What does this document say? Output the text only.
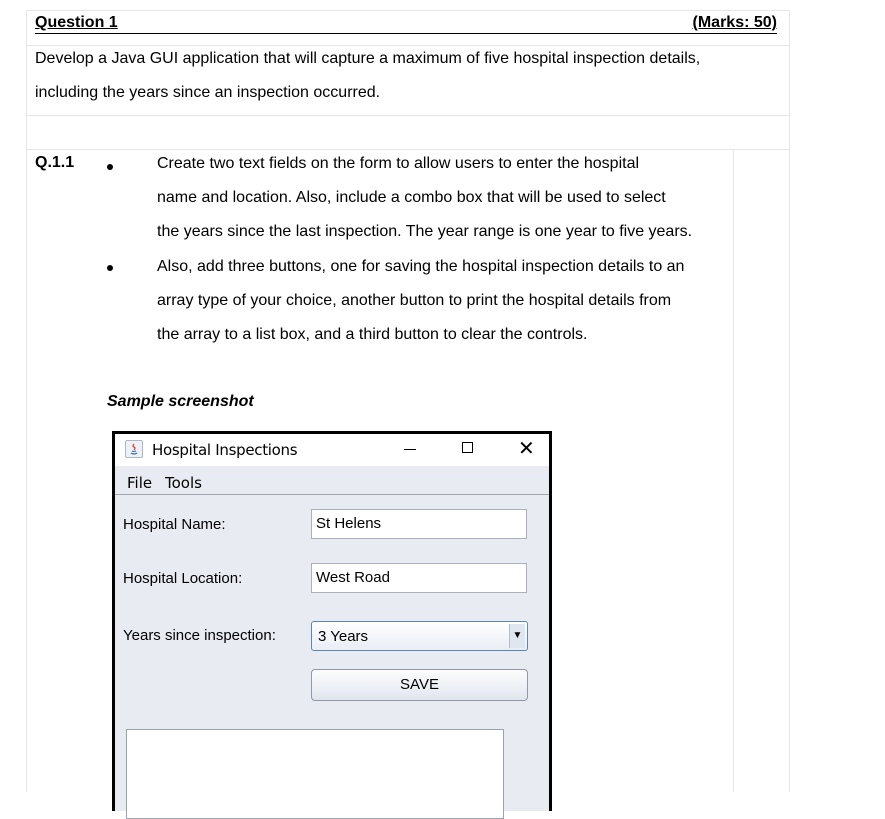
Question 1	(Marks: 50)
Develop a Java GUI application that will capture a maximum of five hospital inspection details,
including the years since an inspection occurred.
Q.1.1	Create two text fields on the form to allow users to enter the hospital
name and location. Also, include a combo box that will be used to select
the years since the last inspection. The year range is one year to five years.
Also, add three buttons, one for saving the hospital inspection details to an
array type of your choice, another button to print the hospital details from
the array to a list box, and a third button to clear the controls.
Sample screenshot
Hospital Inspections	✕
File Tools
Hospital Name:	St Helens
Hospital Location:	West Road
Years since inspection:	3 Years	▼
SAVE
